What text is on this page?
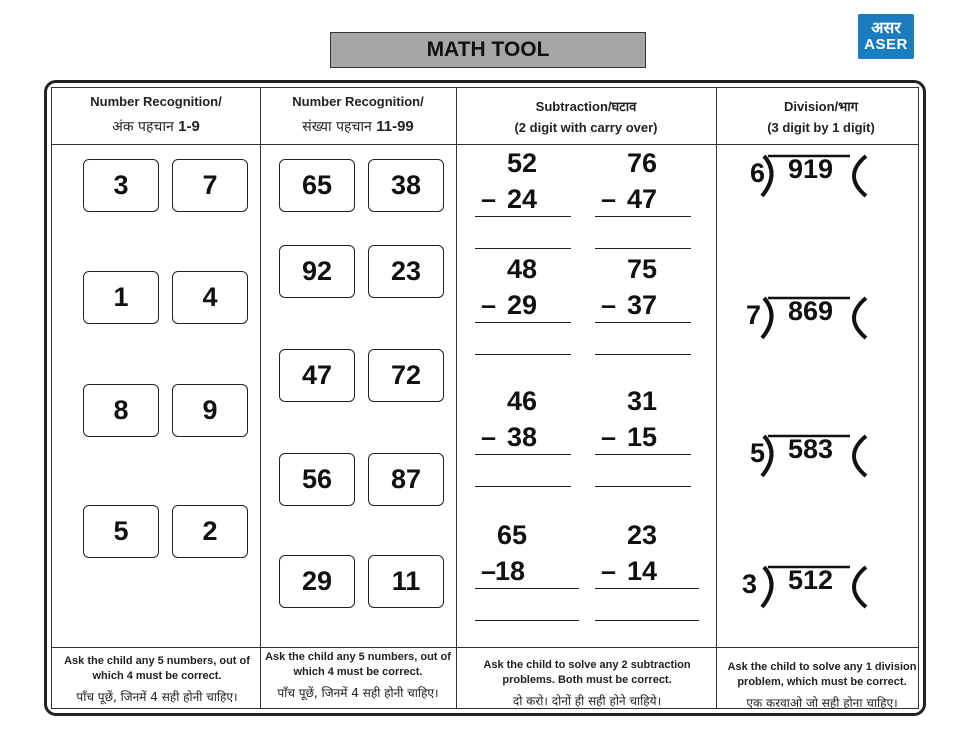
MATH TOOL
असर
ASER
Number Recognition/
अंक पहचान 1-9
Number Recognition/
संख्या पहचान 11-99
Subtraction/घटाव
(2 digit with carry over)
Division/भाग
(3 digit by 1 digit)
3	7
1	4
8	9
5	2
65	38
92	23
47	72
56	87
29	11
52
– 24
76
– 47
48
– 29
75
– 37
46
– 38
31
– 15
65
–
18
23
– 14
6 919
7 869
5 583
3 512
Ask the child any 5 numbers, out of which 4 must be correct.
पाँच पूछें, जिनमें 4 सही होनी चाहिए।
Ask the child any 5 numbers, out of which 4 must be correct.
पाँच पूछें, जिनमें 4 सही होनी चाहिए।
Ask the child to solve any 2 subtraction problems. Both must be correct.
दो करो। दोनों ही सही होने चाहिये।
Ask the child to solve any 1 division problem, which must be correct.
एक करवाओ जो सही होना चाहिए।
